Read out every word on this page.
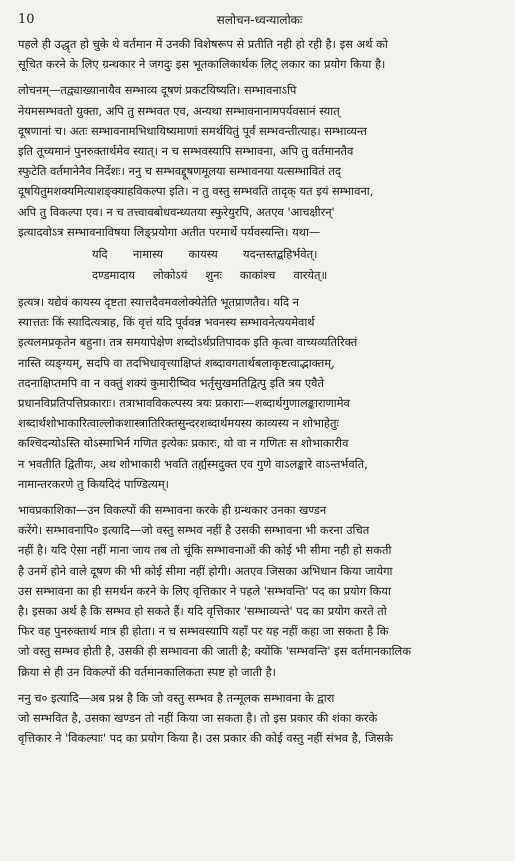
10	सलोचन-ध्वन्यालोकः
पहले ही उद्धृत हो चुके थे वर्तमान में उनकी विशेषरूप से प्रतीति नही हो रही है। इस अर्थ को
सूचित करने के लिए ग्रन्थकार ने जगदुः इस भूतकालिकार्थक लिट् लकार का प्रयोग किया है।
लोचनम्—तद्व्याख्यानायैव सम्भाव्य दूषणं प्रकटयिष्यति। सम्भावनाऽपि
नेयमसम्भवतो युक्ता, अपि तु सम्भवत एव, अन्यथा सम्भावनानामपर्यवसानं स्यात्
दूषणानां च। अतः सम्भावनामभिधायिष्यमाणां समर्थयितुं पूर्वं सम्भवन्तीत्याह। सम्भाव्यन्त
इति तूच्यमानं पुनरुक्तार्थमेव स्यात्। न च सम्भवस्यापि सम्भावना, अपि तु वर्तमानतैव
स्फुटेति वर्तमानेनैव निर्देशः। ननु च सम्भवद्दूषणमूलया सम्भावनया यत्सम्भावितं तद्
दूषयितुमशक्यमित्याशङ्क्याहविकल्पा इति। न तु वस्तु सम्भवति तादृक् यत इयं सम्भावना,
अपि तु विकल्पा एव। न च तत्त्वावबोधवन्ध्यतया स्फुरेयुरपि, अतएव 'आचक्षीरन्'
इत्यादवोऽत्र सम्भावनाविषया लिङ्प्रयोगा अतीत परमार्थे पर्यवस्यन्ति। यथा—
यदि       नामास्य       कायस्य       यदन्तस्तद्बहिर्भवेत्।
दण्डमादाय     लोकोऽयं     शुनः     काकांश्च     वारयेत्॥
इत्यत्र। यद्येवं कायस्य दृष्टता स्यात्तदैवमवलोक्येतेति भूतप्राणतैव। यदि न
स्यात्ततः किं स्यादित्यत्राह, किं वृत्तं यदि पूर्ववन्न भवनस्य सम्भावनेत्ययमेवार्थ
इत्यलमप्रकृतेन बहुना। तत्र समयापेक्षेण शब्दोऽर्थप्रतिपादक इति कृत्वा वाच्यव्यतिरिक्तं
नास्ति व्यङ्ग्यम्, सदपि वा तदभिधावृत्त्याक्षिप्तं शब्दावगतार्थबलाकृष्टत्वाद्भाक्तम्,
तदनाक्षिप्तमपि वा न वक्तुं शक्यं कुमारीष्विव भर्तृसुखमतिद्वित्पु इति त्रय एवैते
प्रधानविप्रतिपत्तिप्रकाराः। तत्राभावविकल्पस्य त्रयः प्रकाराः—शब्दार्थगुणालङ्काराणामेव
शब्दार्थशोभाकारित्वाल्लोकशास्त्रातिरिक्तसुन्दरशब्दार्थमयस्य काव्यस्य न शोभाहेतुः
कश्चिदन्योऽस्ति योऽस्माभिर्न गणित इत्येकः प्रकारः, यो वा न गणितः स शोभाकारीव
न भवतीति द्वितीयः, अथ शोभाकारी भवति तर्ह्यस्मदुक्त एव गुणे वाऽलङ्कारे वाऽन्तर्भवति,
नामान्तरकरणे तु कियदिदं पाण्डित्यम्।
भावप्रकाशिका—उन विकल्पों की सम्भावना करके ही ग्रन्थकार उनका खण्डन
करेंगे। सम्भावनापि० इत्यादि—जो वस्तु सम्भव नहीं है उसकी सम्भावना भी करना उचित
नहीं है। यदि ऐसा नहीं माना जाय तब तो चूंकि सम्भावनाओं की कोई भी सीमा नही हो सकती
है उनमें होने वाले दूषण की भी कोई सीमा नहीं होगी। अतएव जिसका अभिधान किया जायेगा
उस सम्भावना का ही समर्थन करने के लिए वृत्तिकार ने पहले 'सम्भवन्ति' पद का प्रयोग किया
है। इसका अर्थ है कि सम्भव हो सकते हैं। यदि वृत्तिकार 'सम्भाव्यन्ते' पद का प्रयोग करते तो
फिर वह पुनरुक्तार्थ मात्र ही होता। न च सम्भवस्यापि यहाँ पर यह नहीं कहा जा सकता है कि
जो वस्तु सम्भव होती है, उसकी ही सम्भावना की जाती है; क्योंकि 'सम्भवन्ति' इस वर्तमानकालिक
क्रिया से ही उन विकल्पों की वर्तमानकालिकता स्पष्ट हो जाती है।
ननु च० इत्यादि—अब प्रश्न है कि जो वस्तु सम्भव है तन्मूलक सम्भावना के द्वारा
जो सम्भवित है, उसका खण्डन तो नहीं किया जा सकता है। तो इस प्रकार की शंका करके
वृत्तिकार ने 'विकल्पाः' पद का प्रयोग किया है। उस प्रकार की कोई वस्तु नहीं संभव है, जिसके
